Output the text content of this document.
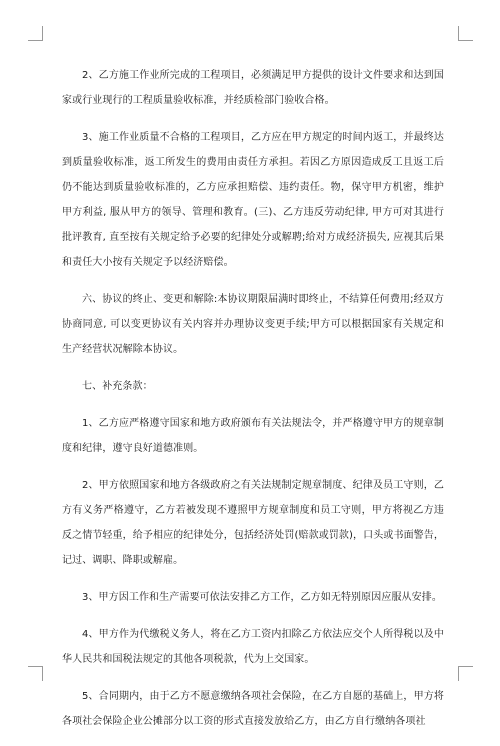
2、乙方施工作业所完成的工程项目，必须满足甲方提供的设计文件要求和达到国家或行业现行的工程质量验收标准，并经质检部门验收合格。

3、施工作业质量不合格的工程项目，乙方应在甲方规定的时间内返工，并最终达到质量验收标准，返工所发生的费用由责任方承担。若因乙方原因造成反工且返工后仍不能达到质量验收标准的，乙方应承担赔偿、违约责任。物，保守甲方机密，维护甲方利益, 服从甲方的领导、管理和教育。(三)、乙方违反劳动纪律, 甲方可对其进行批评教育, 直至按有关规定给予必要的纪律处分或解聘;给对方成经济损失, 应视其后果和责任大小按有关规定予以经济赔偿。

六、协议的终止、变更和解除:本协议期限届满时即终止，不结算任何费用;经双方协商同意, 可以变更协议有关内容并办理协议变更手续;甲方可以根据国家有关规定和生产经营状况解除本协议。

七、补充条款：

1、乙方应严格遵守国家和地方政府颁布有关法规法令，并严格遵守甲方的规章制度和纪律，遵守良好道德准则。

2、甲方依照国家和地方各级政府之有关法规制定规章制度、纪律及员工守则，乙方有义务严格遵守，乙方若被发现不遵照甲方规章制度和员工守则，甲方将视乙方违反之情节轻重，给予相应的纪律处分，包括经济处罚(赔款或罚款)，口头或书面警告，记过、调职、降职或解雇。

3、甲方因工作和生产需要可依法安排乙方工作，乙方如无特别原因应服从安排。

4、甲方作为代缴税义务人，将在乙方工资内扣除乙方依法应交个人所得税以及中华人民共和国税法规定的其他各项税款，代为上交国家。

5、合同期内，由于乙方不愿意缴纳各项社会保险，在乙方自愿的基础上，甲方将各项社会保险企业公摊部分以工资的形式直接发放给乙方，由乙方自行缴纳各项社
